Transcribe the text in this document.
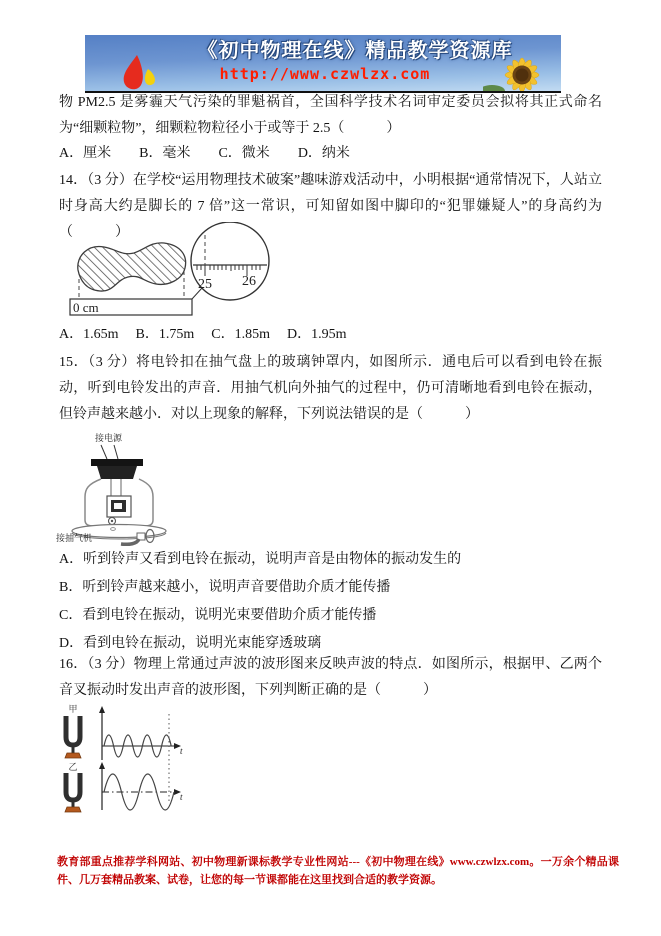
《初中物理在线》精品教学资源库
http://www.czwlzx.com
物 PM2.5 是雾霾天气污染的罪魁祸首，全国科学技术名词审定委员会拟将其正式命名为“细颗粒物”，细颗粒物粒径小于或等于 2.5（　　　）
A．厘米 B．毫米 C．微米 D．纳米
14．（3 分）在学校“运用物理技术破案”趣味游戏活动中，小明根据“通常情况下，人站立时身高大约是脚长的 7 倍”这一常识，可知留如图中脚印的“犯罪嫌疑人”的身高约为（　　　）
0 cm
25 26
A．1.65m B．1.75m C．1.85m D．1.95m
15．（3 分）将电铃扣在抽气盘上的玻璃钟罩内，如图所示．通电后可以看到电铃在振动，听到电铃发出的声音．用抽气机向外抽气的过程中，仍可清晰地看到电铃在振动，但铃声越来越小．对以上现象的解释，下列说法错误的是（　　　）
接电源
接抽气机
A．听到铃声又看到电铃在振动，说明声音是由物体的振动发生的
B．听到铃声越来越小，说明声音要借助介质才能传播
C．看到电铃在振动，说明光束要借助介质才能传播
D．看到电铃在振动，说明光束能穿透玻璃
16．（3 分）物理上常通过声波的波形图来反映声波的特点．如图所示，根据甲、乙两个音叉振动时发出声音的波形图，下列判断正确的是（　　　）
甲
t
乙
t
教育部重点推荐学科网站、初中物理新课标教学专业性网站---《初中物理在线》www.czwlzx.com。一万余个精品课件、几万套精品教案、试卷，让您的每一节课都能在这里找到合适的教学资源。
